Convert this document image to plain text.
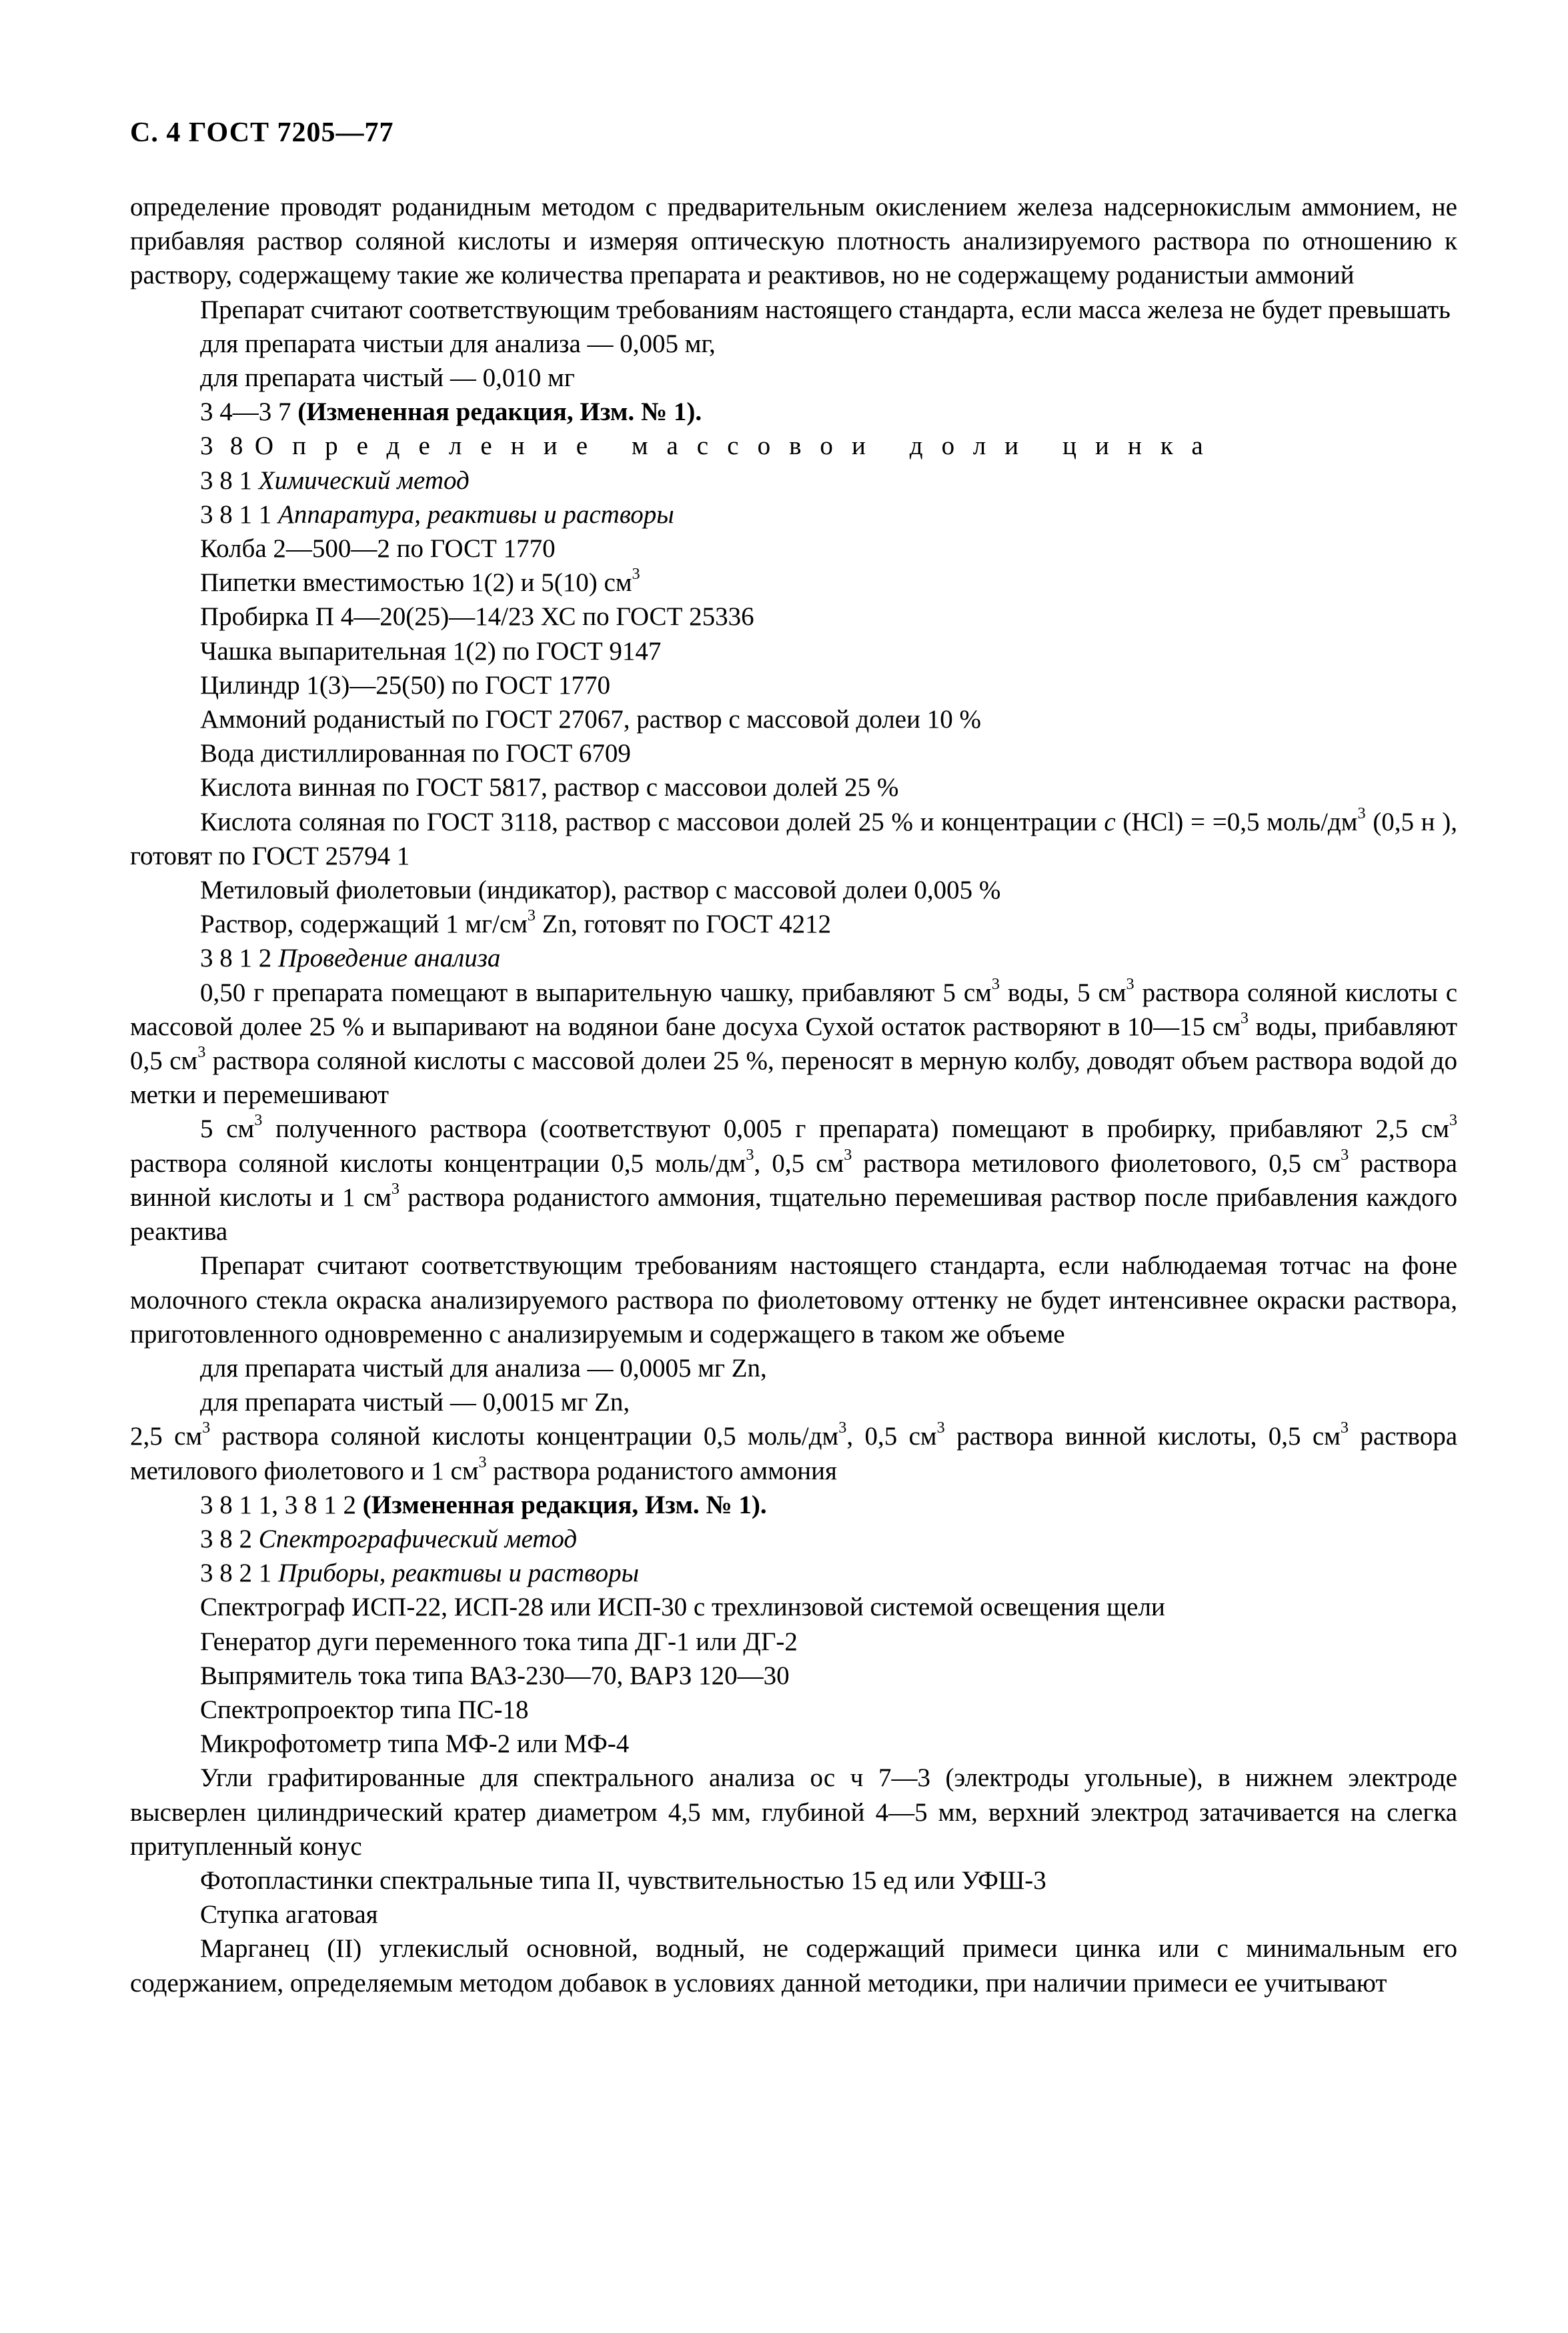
С. 4 ГОСТ 7205—77

определение проводят роданидным методом с предварительным окислением железа надсернокислым аммонием, не прибавляя раствор соляной кислоты и измеряя оптическую плотность анализируемого раствора по отношению к раствору, содержащему такие же количества препарата и реактивов, но не содержащему роданистыи аммоний

Препарат считают соответствующим требованиям настоящего стандарта, если масса железа не будет превышать

для препарата чистыи для анализа — 0,005 мг,

для препарата чистый — 0,010 мг

3 4—3 7 (Измененная редакция, Изм. № 1).

3 8 Определение массовои доли цинка

3 8 1 Химический метод

3 8 1 1 Аппаратура, реактивы и растворы

Колба 2—500—2 по ГОСТ 1770

Пипетки вместимостью 1(2) и 5(10) $см^3$

Пробирка П 4—20(25)—14/23 ХС по ГОСТ 25336

Чашка выпарительная 1(2) по ГОСТ 9147

Цилиндр 1(3)—25(50) по ГОСТ 1770

Аммоний роданистый по ГОСТ 27067, раствор с массовой долеи 10 %

Вода дистиллированная по ГОСТ 6709

Кислота винная по ГОСТ 5817, раствор с массовои долей 25 %

Кислота соляная по ГОСТ 3118, раствор с массовои долей 25 % и концентрации с (HCl) = =0,5 моль/$дм^3$ (0,5 н ), готовят по ГОСТ 25794 1

Метиловый фиолетовыи (индикатор), раствор с массовой долеи 0,005 %

Раствор, содержащий 1 $мг/см^3$ Zn, готовят по ГОСТ 4212

3 8 1 2 Проведение анализа

0,50 г препарата помещают в выпарительную чашку, прибавляют 5 $см^3$ воды, 5 $см^3$ раствора соляной кислоты с массовой долее 25 % и выпаривают на водянои бане досуха Сухой остаток растворяют в 10—15 $см^3$ воды, прибавляют 0,5 $см^3$ раствора соляной кислоты с массовой долеи 25 %, переносят в мерную колбу, доводят объем раствора водой до метки и перемешивают

5 $см^3$ полученного раствора (соответствуют 0,005 г препарата) помещают в пробирку, прибавляют 2,5 $см^3$ раствора соляной кислоты концентрации 0,5 моль/$дм^3$, 0,5 $см^3$ раствора метилового фиолетового, 0,5 $см^3$ раствора винной кислоты и 1 $см^3$ раствора роданистого аммония, тщательно перемешивая раствор после прибавления каждого реактива

Препарат считают соответствующим требованиям настоящего стандарта, если наблюдаемая тотчас на фоне молочного стекла окраска анализируемого раствора по фиолетовому оттенку не будет интенсивнее окраски раствора, приготовленного одновременно с анализируемым и содержащего в таком же объеме

для препарата чистый для анализа — 0,0005 мг Zn,

для препарата чистый — 0,0015 мг Zn,

2,5 $см^3$ раствора соляной кислоты концентрации 0,5 моль/$дм^3$, 0,5 $см^3$ раствора винной кислоты, 0,5 $см^3$ раствора метилового фиолетового и 1 $см^3$ раствора роданистого аммония

3 8 1 1, 3 8 1 2 (Измененная редакция, Изм. № 1).

3 8 2 Спектрографический метод

3 8 2 1 Приборы, реактивы и растворы

Спектрограф ИСП-22, ИСП-28 или ИСП-30 с трехлинзовой системой освещения щели

Генератор дуги переменного тока типа ДГ-1 или ДГ-2

Выпрямитель тока типа ВАЗ-230—70, ВАРЗ 120—30

Спектропроектор типа ПС-18

Микрофотометр типа МФ-2 или МФ-4

Угли графитированные для спектрального анализа ос ч 7—3 (электроды угольные), в нижнем электроде высверлен цилиндрический кратер диаметром 4,5 мм, глубиной 4—5 мм, верхний электрод затачивается на слегка притупленный конус

Фотопластинки спектральные типа II, чувствительностью 15 ед или УФШ-3

Ступка агатовая

Марганец (II) углекислый основной, водный, не содержащий примеси цинка или с минимальным его содержанием, определяемым методом добавок в условиях данной методики, при наличии примеси ее учитывают
